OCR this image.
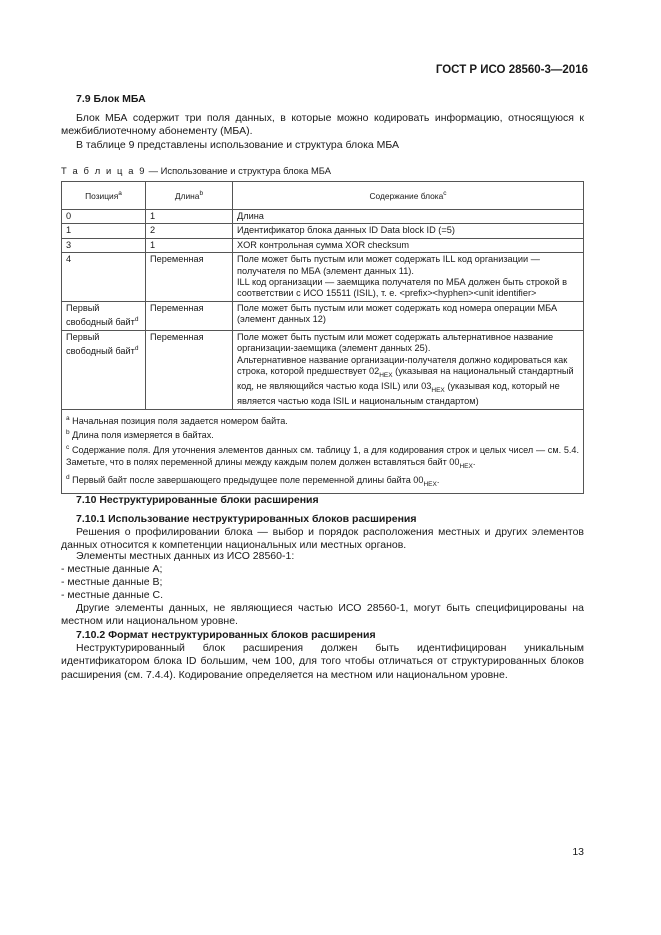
ГОСТ Р ИСО 28560-3—2016
7.9 Блок МБА
Блок МБА содержит три поля данных, в которые можно кодировать информацию, относящуюся к межбиблиотечному абонементу (МБА).
В таблице 9 представлены использование и структура блока МБА
Т а б л и ц а 9 — Использование и структура блока МБА
Позиция$^a$	Длина$^b$	Содержание блока$^c$
0	1	Длина
1	2	Идентификатор блока данных ID Data block ID (=5)
3	1	XOR контрольная сумма XOR checksum
4	Переменная	Поле может быть пустым или может содержать ILL код организации — получателя по МБА (элемент данных 11).
ILL код организации — заемщика получателя по МБА должен быть строкой в соответствии с ИСО 15511 (ISIL), т. е. <prefix><hyphen><unit identifier>

Первый свободный байт$^d$	Переменная	Поле может быть пустым или может содержать код номера операции МБА (элемент данных 12)
Первый свободный байт$^d$	Переменная	Поле может быть пустым или может содержать альтернативное название организации-заемщика (элемент данных 25).
Альтернативное название организации-получателя должно кодироваться как строка, которой предшествует $02_{HEX}$ (указывая на национальный стандартный код, не являющийся частью кода ISIL) или $03_{HEX}$ (указывая код, который не является частью кода ISIL и национальным стандартом)

$^a$ Начальная позиция поля задается номером байта.
$^b$ Длина поля измеряется в байтах.
$^c$ Содержание поля. Для уточнения элементов данных см. таблицу 1, а для кодирования строк и целых чисел — см. 5.4. Заметьте, что в полях переменной длины между каждым полем должен вставляться байт $00_{HEX}$.
$^d$ Первый байт после завершающего предыдущее поле переменной длины байта $00_{HEX}$.		
7.10 Неструктурированные блоки расширения
7.10.1 Использование неструктурированных блоков расширения
Решения о профилировании блока — выбор и порядок расположения местных и других элементов данных относится к компетенции национальных или местных органов.
Элементы местных данных из ИСО 28560-1:
- местные данные А;
- местные данные В;
- местные данные С.
Другие элементы данных, не являющиеся частью ИСО 28560-1, могут быть специфицированы на местном или национальном уровне.
7.10.2 Формат неструктурированных блоков расширения
Неструктурированный блок расширения должен быть идентифицирован уникальным идентификатором блока ID большим, чем 100, для того чтобы отличаться от структурированных блоков расширения (см. 7.4.4). Кодирование определяется на местном или национальном уровне.
13
